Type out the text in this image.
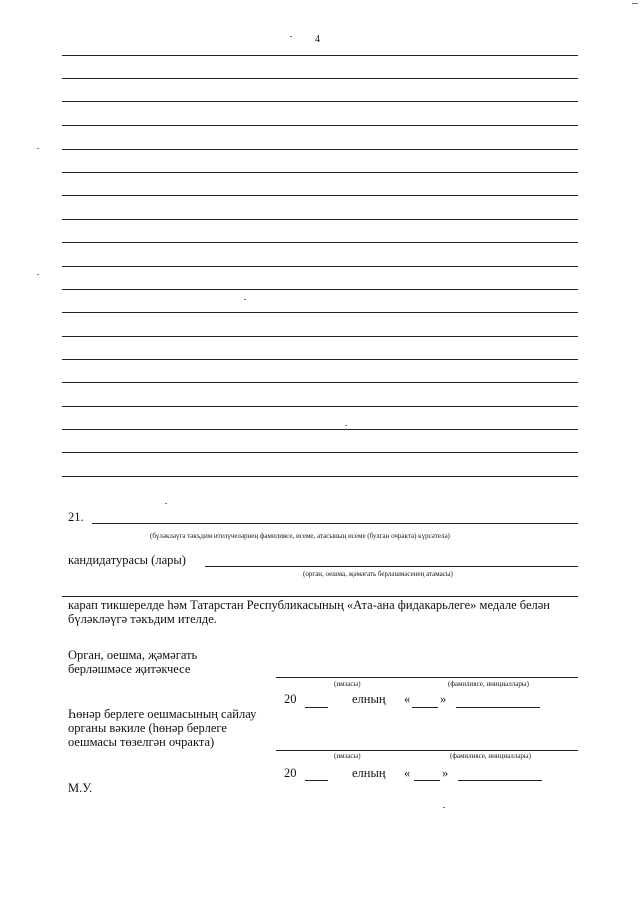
4
21.
(бүләкләүгә тәкъдим ителүчеләрнең фамилиясе, исеме, атасының исеме (булган очракта) күрсәтелә)
кандидатурасы (лары)
(орган, оешма, җәмәгать берләшмәсенең атамасы)
карап тикшерелде һәм Татарстан Республикасының «Ата-ана фидакарьлеге» медале белән
бүләкләүгә тәкъдим ителде.
Орган, оешма, җәмәгать
берләшмәсе җитәкчесе
(имзасы)	(фамилиясе, инициаллары)
20	елның « »
Һөнәр берлеге оешмасының сайлау
органы вәкиле (һөнәр берлеге
оешмасы төзелгән очракта)
(имзасы)	(фамилиясе, инициаллары)
20	елның «	»
М.У.
